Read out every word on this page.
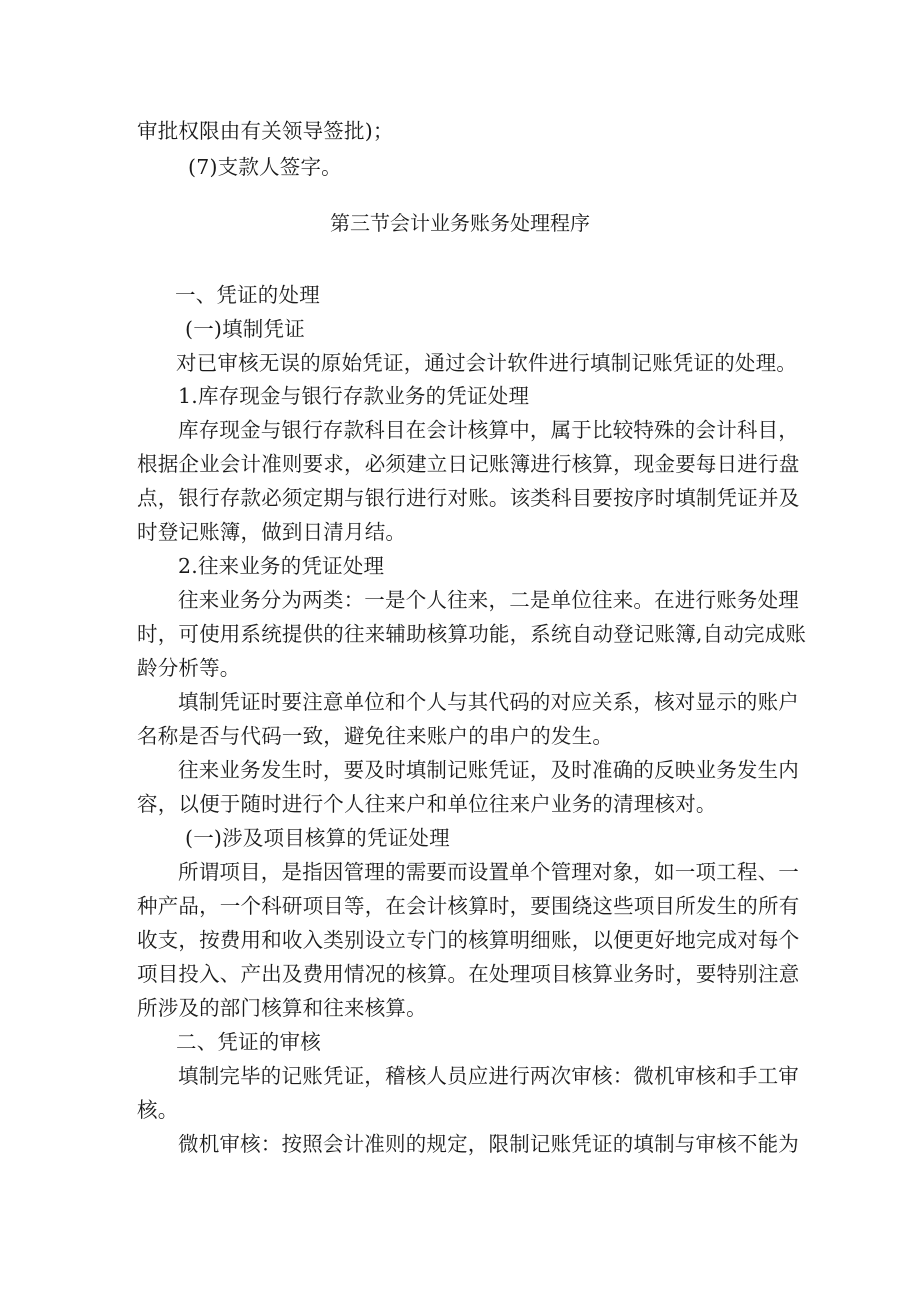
审批权限由有关领导签批)；
(7)支款人签字。
第三节会计业务账务处理程序
一、凭证的处理
(一)填制凭证
对已审核无误的原始凭证，通过会计软件进行填制记账凭证的处理。
1.库存现金与银行存款业务的凭证处理
库存现金与银行存款科目在会计核算中，属于比较特殊的会计科目，
根据企业会计准则要求，必须建立日记账簿进行核算，现金要每日进行盘
点，银行存款必须定期与银行进行对账。该类科目要按序时填制凭证并及
时登记账簿，做到日清月结。
2.往来业务的凭证处理
往来业务分为两类：一是个人往来，二是单位往来。在进行账务处理
时，可使用系统提供的往来辅助核算功能，系统自动登记账簿,自动完成账
龄分析等。
填制凭证时要注意单位和个人与其代码的对应关系，核对显示的账户
名称是否与代码一致，避免往来账户的串户的发生。
往来业务发生时，要及时填制记账凭证，及时准确的反映业务发生内
容，以便于随时进行个人往来户和单位往来户业务的清理核对。
(一)涉及项目核算的凭证处理
所谓项目，是指因管理的需要而设置单个管理对象，如一项工程、一
种产品，一个科研项目等，在会计核算时，要围绕这些项目所发生的所有
收支，按费用和收入类别设立专门的核算明细账，以便更好地完成对每个
项目投入、产出及费用情况的核算。在处理项目核算业务时，要特别注意
所涉及的部门核算和往来核算。
二、凭证的审核
填制完毕的记账凭证，稽核人员应进行两次审核：微机审核和手工审
核。
微机审核：按照会计准则的规定，限制记账凭证的填制与审核不能为
